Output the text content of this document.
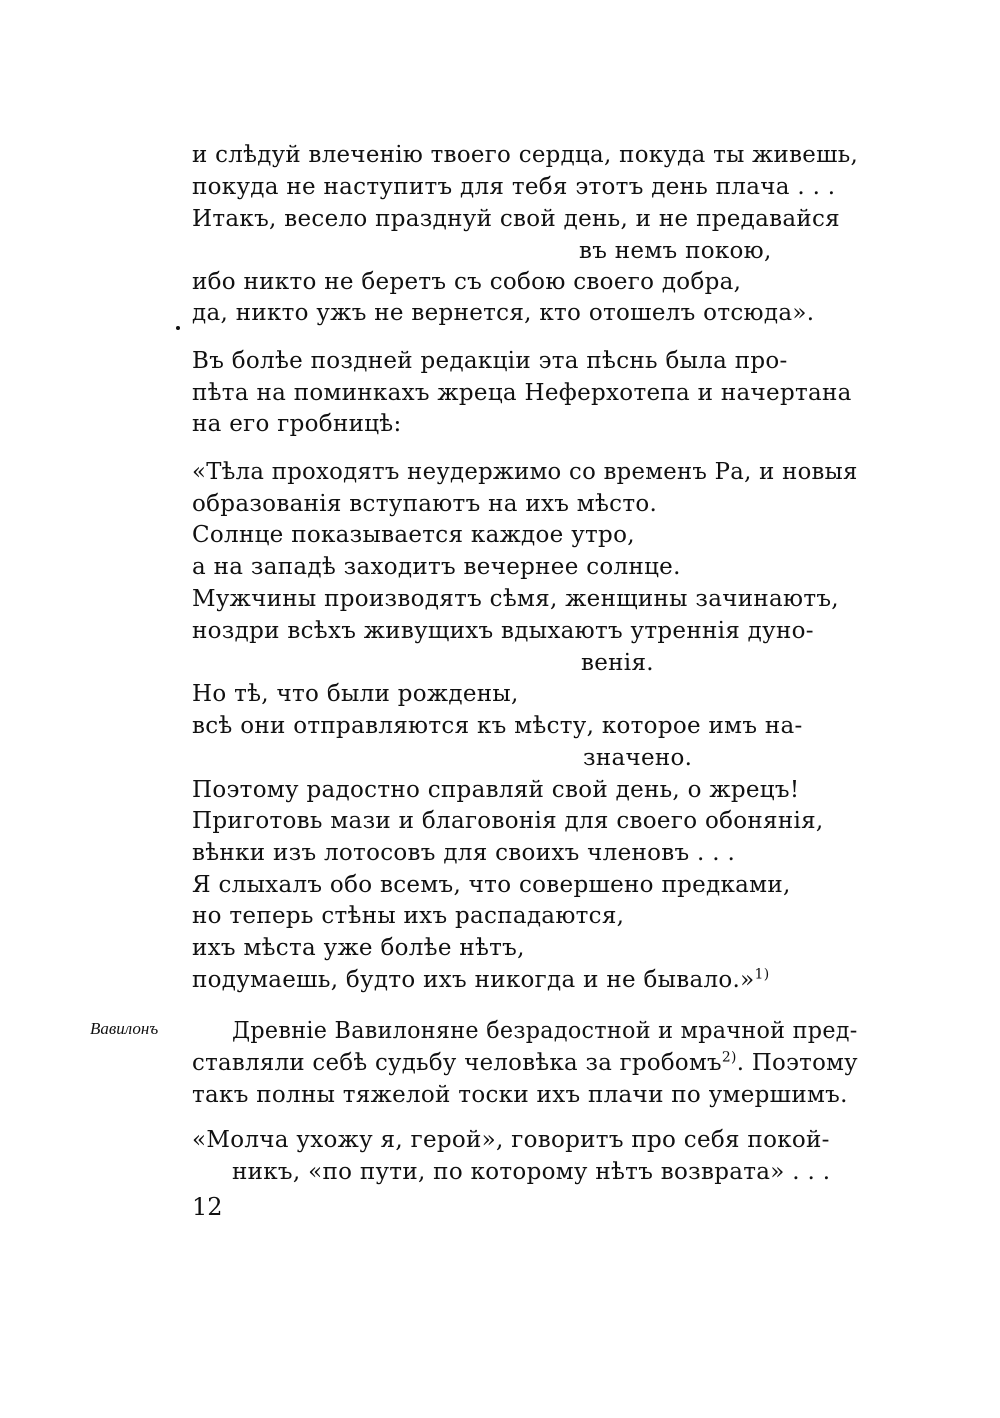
и слѣдуй влеченію твоего сердца, покуда ты живешь,
покуда не наступитъ для тебя этотъ день плача . . .
Итакъ, весело празднуй свой день, и не предавайся
въ немъ покою,
ибо никто не беретъ съ собою своего добра,
да, никто ужъ не вернется, кто отошелъ отсюда».
Въ болѣе поздней редакціи эта пѣснь была про-
пѣта на поминкахъ жреца Неферхотепа и начертана
на его гробницѣ:
«Тѣла проходятъ неудержимо со временъ Ра, и новыя
образованія вступаютъ на ихъ мѣсто.
Солнце показывается каждое утро,
а на западѣ заходитъ вечернее солнце.
Мужчины производятъ сѣмя, женщины зачинаютъ,
ноздри всѣхъ живущихъ вдыхаютъ утреннія дуно-
венія.
Но тѣ, что были рождены,
всѣ они отправляются къ мѣсту, которое имъ на-
значено.
Поэтому радостно справляй свой день, о жрецъ!
Приготовь мази и благовонія для своего обонянія,
вѣнки изъ лотосовъ для своихъ членовъ . . .
Я слыхалъ обо всемъ, что совершено предками,
но теперь стѣны ихъ распадаются,
ихъ мѣста уже болѣе нѣтъ,
подумаешь, будто ихъ никогда и не бывало.»$^{1)}$
Вавилонъ	Древніе Вавилоняне безрадостной и мрачной пред-
ставляли себѣ судьбу человѣка за гробомъ$^{2)}$. Поэтому
такъ полны тяжелой тоски ихъ плачи по умершимъ.
«Молча ухожу я, герой», говоритъ про себя покой-
никъ, «по пути, по которому нѣтъ возврата» . . .
12
